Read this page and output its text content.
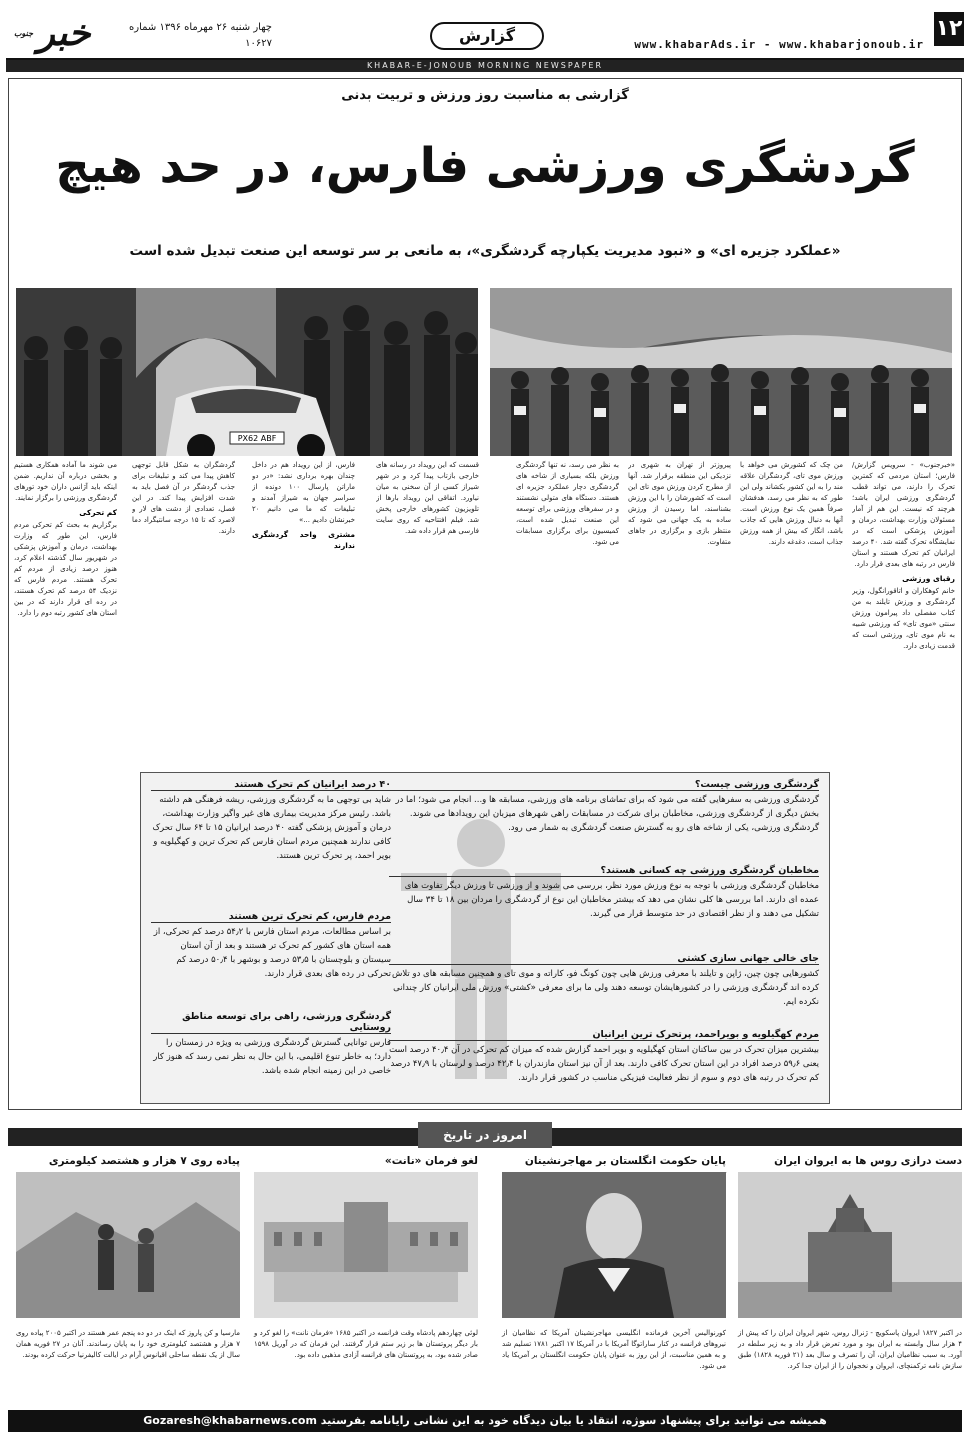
۱۲
www.khabarAds.ir - www.khabarjonoub.ir
گزارش
چهار شنبه ۲۶ مهرماه ۱۳۹۶ شماره ۱۰۶۲۷
جنوب خبر
KHABAR-E-JONOUB MORNING NEWSPAPER
گزارشی به مناسبت روز ورزش و تربیت بدنی
گردشگری ورزشی فارس، در حد هیچ
«عملکرد جزیره ای» و «نبود مدیریت یکپارچه گردشگری»، به مانعی بر سر توسعه این صنعت تبدیل شده است
PX62 ABF

«خبرجنوب» - سرویس گزارش/ فارس؛ استان مردمی که کمترین تحرک را دارند، می تواند قطب گردشگری ورزشی ایران باشد؛ هرچند که نیست. این هم از آمار مسئولان وزارت بهداشت، درمان و آموزش پزشکی است که در نمایشگاه تحرک گفته شد. ۴۰ درصد ایرانیان کم تحرک هستند و استان فارس در رتبه های بعدی قرار دارد.

رقبای ورزشی

خانم کوهکاران و اتاقورانگول، وزیر گردشگری و ورزش تایلند به من کتاب مفصلی داد پیرامون ورزش سنتی «موی تای» که ورزشی شبیه به نام موی تای، ورزشی است که قدمت زیادی دارد.

من چک که کشورش می خواهد با ورزش موی تای، گردشگران علاقه مند را به این کشور بکشاند ولی این طور که به نظر می رسد، هدفشان صرفاً همین یک نوع ورزش است. آنها به دنبال ورزش هایی که جاذب باشد، انگار که بیش از همه ورزش جذاب است، دغدغه دارند.

پیروزتر از تهران به شهری در نزدیکی این منطقه برقرار شد. آنها از مطرح کردن ورزش موی تای این است که کشورشان را با این ورزش بشناسند، اما رسیدن از ورزش ساده به یک جهانی می شود که منتظر بازی و برگزاری در جاهای متفاوت.

به نظر می رسد، نه تنها گردشگری ورزش بلکه بسیاری از شاخه های گردشگری دچار عملکرد جزیره ای هستند. دستگاه های متولی نشستند و در سفرهای ورزشی برای توسعه این صنعت تبدیل شده است، کمیسیون برای برگزاری مسابقات می شود.

قسمت که این رویداد در رسانه های خارجی بازتاب پیدا کرد و در شهر شیراز کسی از آن سخنی به میان نیاورد. اتفاقی این رویداد بارها از تلویزیون کشورهای خارجی پخش شد. فیلم افتتاحیه که روی سایت فارسی هم قرار داده شد.

فارس، از این رویداد هم در داخل چندان بهره برداری نشد: «در دو ماراتن پارسال ۱۰۰ دونده از سراسر جهان به شیراز آمدند و تبلیغات که ما می دانیم ۲۰ خبرنشان دادیم ...»

مشتری واحد گردشگری ندارند

گردشگران به شکل قابل توجهی کاهش پیدا می کند و تبلیغات برای جذب گردشگر در آن فصل باید به شدت افزایش پیدا کند. در این فصل، تعدادی از دشت های لار و لاصرد که تا ۱۵ درجه سانتیگراد دما دارند.

می شوند ما آماده همکاری هستیم و بخشی درباره آن نداریم. ضمن اینکه باید آژانس داران خود تورهای گردشگری ورزشی را برگزار نمایند.

کم تحرکی

برگزاریم به بحث کم تحرکی مردم فارس، این طور که وزارت بهداشت، درمان و آموزش پزشکی در شهریور سال گذشته اعلام کرد، هنوز درصد زیادی از مردم کم تحرک هستند. مردم فارس که نزدیک ۵۴ درصد کم تحرک هستند، در رده ای قرار دارند که در بین استان های کشور رتبه دوم را دارد.

گردشگری ورزشی چیست؟
گردشگری ورزشی به سفرهایی گفته می شود که برای تماشای برنامه های ورزشی، مسابقه ها و... انجام می شود؛ اما در بخش دیگری از گردشگری ورزشی، مخاطبان برای شرکت در مسابقات راهی شهرهای میزبان این رویدادها می شوند. گردشگری ورزشی، یکی از شاخه های رو به گسترش صنعت گردشگری به شمار می رود.
مخاطبان گردشگری ورزشی چه کسانی هستند؟
مخاطبان گردشگری ورزشی با توجه به نوع ورزش مورد نظر، بررسی می شوند و از ورزشی تا ورزش دیگر تفاوت های عمده ای دارند. اما بررسی ها کلی نشان می دهد که بیشتر مخاطبان این نوع از گردشگری را مردان بین ۱۸ تا ۳۴ سال تشکیل می دهند و از نظر اقتصادی در حد متوسط قرار می گیرند.
جای خالی جهانی سازی کشتی
کشورهایی چون چین، ژاپن و تایلند با معرفی ورزش هایی چون کونگ فو، کاراته و موی تای و همچنین مسابقه های دو تلاش کرده اند گردشگری ورزشی را در کشورهایشان توسعه دهند ولی ما برای معرفی «کشتی» ورزش ملی ایرانیان کار چندانی نکرده ایم.
مردم کهگیلویه و بویراحمد، پرتحرک ترین ایرانیان
بیشترین میزان تحرک در بین ساکنان استان کهگیلویه و بویر احمد گزارش شده که میزان کم تحرکی در آن ۴۰٫۴ درصد است یعنی ۵۹٫۶ درصد افراد در این استان تحرک کافی دارند. بعد از آن نیز استان مازندران با ۴۲٫۴ درصد و لرستان با ۴۷٫۹ درصد کم تحرک در رتبه های دوم و سوم از نظر فعالیت فیزیکی مناسب در کشور قرار دارند.
۴۰ درصد ایرانیان کم تحرک هستند
شاید بی توجهی ما به گردشگری ورزشی، ریشه فرهنگی هم داشته باشد. رئیس مرکز مدیریت بیماری های غیر واگیر وزارت بهداشت، درمان و آموزش پزشکی گفته ۴۰ درصد ایرانیان ۱۵ تا ۶۴ سال تحرک کافی ندارند همچنین مردم استان فارس کم تحرک ترین و کهگیلویه و بویر احمد، پر تحرک ترین هستند.
مردم فارس، کم تحرک ترین هستند
بر اساس مطالعات، مردم استان فارس با ۵۴٫۲ درصد کم تحرکی، از همه استان های کشور کم تحرک تر هستند و بعد از آن استان سیستان و بلوچستان با ۵۳٫۵ درصد و بوشهر با ۵۰٫۴ درصد کم تحرکی در رده های بعدی قرار دارند.
گردشگری ورزشی، راهی برای توسعه مناطق روستایی
فارس توانایی گسترش گردشگری ورزشی به ویژه در زمستان را دارد؛ به خاطر تنوع اقلیمی، با این حال به نظر نمی رسد که هنوز کار خاصی در این زمینه انجام شده باشد.
امروز در تاریخ
دست درازی روس ها به ایروان ایران
در اکتبر ۱۸۲۷ ایروان پاسکویچ - ژنرال روس، شهر ایروان ایران را که پیش از ۴ هزار سال وابسته به ایران بود و مورد تعرض قرار داد و به زیر سلطه در آورد. به سبب نظامیان ایران، آن را تصرف و سال بعد (۲۱ فوریه ۱۸۲۸) طبق سازش نامه ترکمنچای، ایروان و نخجوان را از ایران جدا کرد.
پایان حکومت انگلستان بر مهاجرنشینان
کورنوالیس آخرین فرمانده انگلیسی مهاجرنشینان آمریکا که نظامیان از نیروهای فرانسه در کنار ساراتوگا آمریکا با در آمریکا ۱۷ اکتبر ۱۷۸۱ تسلیم شد و به همین مناسبت، از این روز به عنوان پایان حکومت انگلستان بر آمریکا یاد می شود.
لغو فرمان «نانت»
لوئی چهاردهم پادشاه وقت فرانسه در اکتبر ۱۶۸۵ «فرمان نانت» را لغو کرد و بار دیگر پروتستان ها بر زیر ستم قرار گرفتند. این فرمان که در آوریل ۱۵۹۸ صادر شده بود، به پروتستان های فرانسه آزادی مذهبی داده بود.
پیاده روی ۷ هزار و هشتصد کیلومتری
مارسیا و کن پاروز که اینک در دو ده پنجم عمر هستند در اکتبر ۲۰۰۵ پیاده روی ۷ هزار و هشتصد کیلومتری خود را به پایان رساندند. آنان در ۲۷ فوریه همان سال از یک نقطه ساحلی اقیانوس آرام در ایالت کالیفرنیا حرکت کرده بودند.
همیشه می توانید برای پیشنهاد سوژه، انتقاد یا بیان دیدگاه خود به این نشانی رایانامه بفرستید Gozaresh@khabarnews.com
